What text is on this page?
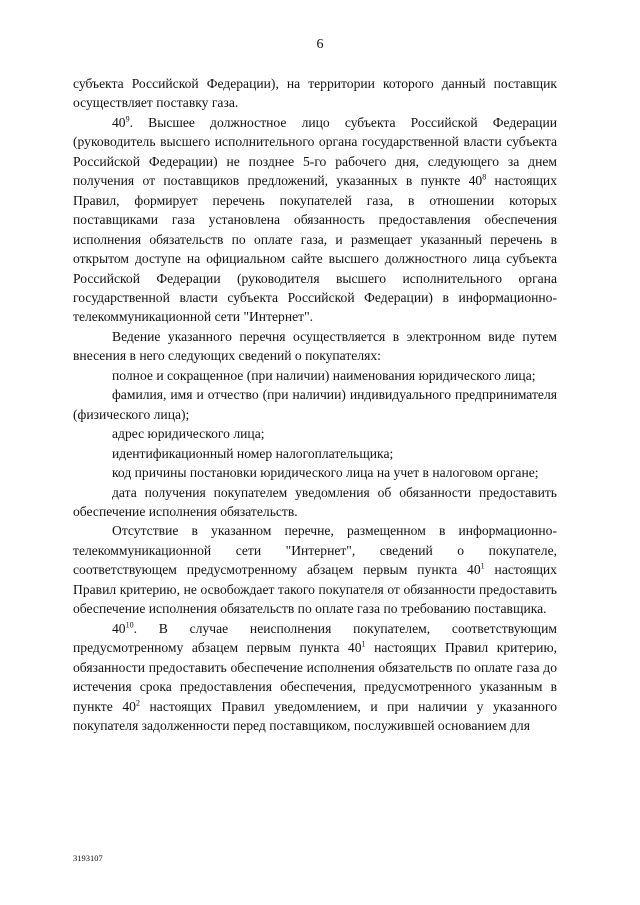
6

субъекта Российской Федерации), на территории которого данный поставщик осуществляет поставку газа.

$40^9$. Высшее должностное лицо субъекта Российской Федерации (руководитель высшего исполнительного органа государственной власти субъекта Российской Федерации) не позднее 5-го рабочего дня, следующего за днем получения от поставщиков предложений, указанных в пункте $40^8$ настоящих Правил, формирует перечень покупателей газа, в отношении которых поставщиками газа установлена обязанность предоставления обеспечения исполнения обязательств по оплате газа, и размещает указанный перечень в открытом доступе на официальном сайте высшего должностного лица субъекта Российской Федерации (руководителя высшего исполнительного органа государственной власти субъекта Российской Федерации) в информационно-телекоммуникационной сети "Интернет".

Ведение указанного перечня осуществляется в электронном виде путем внесения в него следующих сведений о покупателях:

полное и сокращенное (при наличии) наименования юридического лица;

фамилия, имя и отчество (при наличии) индивидуального предпринимателя (физического лица);

адрес юридического лица;

идентификационный номер налогоплательщика;

код причины постановки юридического лица на учет в налоговом органе;

дата получения покупателем уведомления об обязанности предоставить обеспечение исполнения обязательств.

Отсутствие в указанном перечне, размещенном в информационно-телекоммуникационной сети "Интернет", сведений о покупателе, соответствующем предусмотренному абзацем первым пункта $40^1$ настоящих Правил критерию, не освобождает такого покупателя от обязанности предоставить обеспечение исполнения обязательств по оплате газа по требованию поставщика.

$40^{10}$. В случае неисполнения покупателем, соответствующим предусмотренному абзацем первым пункта $40^1$ настоящих Правил критерию, обязанности предоставить обеспечение исполнения обязательств по оплате газа до истечения срока предоставления обеспечения, предусмотренного указанным в пункте $40^2$ настоящих Правил уведомлением, и при наличии у указанного покупателя задолженности перед поставщиком, послужившей основанием для

3193107
